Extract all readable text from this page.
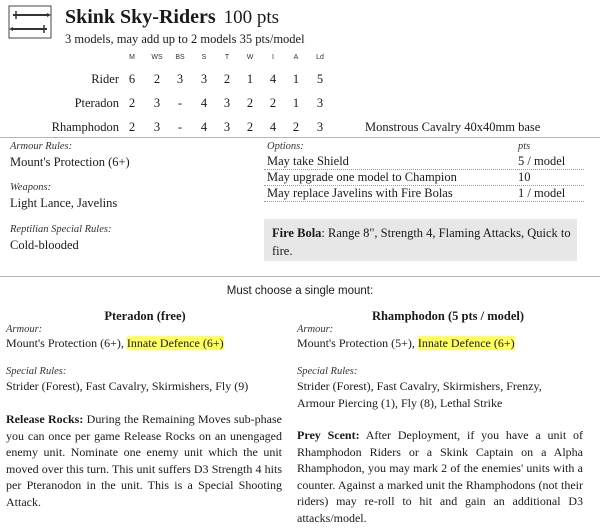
Skink Sky-Riders 100 pts
3 models, may add up to 2 models 35 pts/model
M	WS	BS	S	T	W	I	A	Ld
Rider 6	2	3	3	2	1	4	1	5
Pteradon 2	3	-	4	3	2	2	1	3
Rhamphodon 2	3	-	4	3	2	4	2	3	Monstrous Cavalry 40x40mm base
Armour Rules:
Mount's Protection (6+)
Weapons:
Light Lance, Javelins
Reptilian Special Rules:
Cold-blooded
Options:	pts
May take Shield	5 / model
May upgrade one model to Champion	10
May replace Javelins with Fire Bolas	1 / model
Fire Bola: Range 8", Strength 4, Flaming Attacks, Quick to fire.
Must choose a single mount:
Pteradon (free)
Armour:
Mount's Protection (6+), Innate Defence (6+)
Special Rules:
Strider (Forest), Fast Cavalry, Skirmishers, Fly (9)
Release Rocks: During the Remaining Moves sub-phase you can once per game Release Rocks on an unengaged enemy unit. Nominate one enemy unit which the unit moved over this turn. This unit suffers D3 Strength 4 hits per Pteranodon in the unit. This is a Special Shooting Attack.
Rhamphodon (5 pts / model)
Armour:
Mount's Protection (5+), Innate Defence (6+)
Special Rules:
Strider (Forest), Fast Cavalry, Skirmishers, Frenzy,
Armour Piercing (1), Fly (8), Lethal Strike
Prey Scent: After Deployment, if you have a unit of Rhamphodon Riders or a Skink Captain on a Alpha Rhamphodon, you may mark 2 of the enemies' units with a counter. Against a marked unit the Rhamphodons (not their riders) may re-roll to hit and gain an additional D3 attacks/model.
